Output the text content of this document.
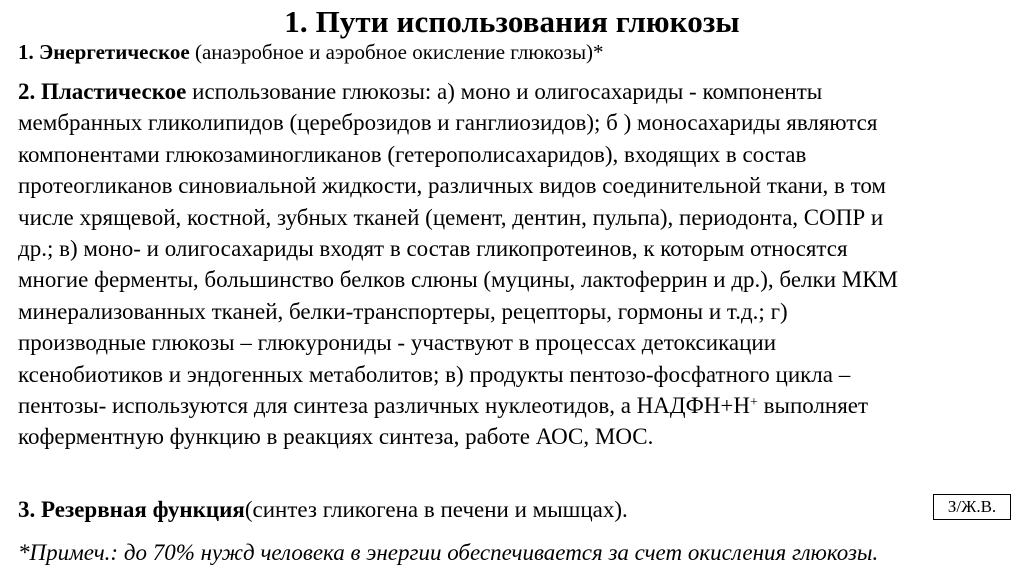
1. Пути использования глюкозы
1. Энергетическое (анаэробное и аэробное окисление глюкозы)*
2. Пластическое использование глюкозы: а) моно и олигосахариды - компоненты
мембранных гликолипидов (цереброзидов и ганглиозидов); б ) моносахариды являются
компонентами глюкозаминогликанов (гетерополисахаридов), входящих в состав
протеогликанов синовиальной жидкости, различных видов соединительной ткани, в том
числе хрящевой, костной, зубных тканей (цемент, дентин, пульпа), периодонта, СОПР и
др.; в) моно- и олигосахариды входят в состав гликопротеинов, к которым относятся
многие ферменты, большинство белков слюны (муцины, лактоферрин и др.), белки МКМ
минерализованных тканей, белки-транспортеры, рецепторы, гормоны и т.д.; г)
производные глюкозы – глюкурониды - участвуют в процессах детоксикации
ксенобиотиков и эндогенных метаболитов; в) продукты пентозо-фосфатного цикла –
пентозы- используются для синтеза различных нуклеотидов, а НАДФН+Н+ выполняет
коферментную функцию в реакциях синтеза, работе АОС, МОС.
3. Резервная функция(синтез гликогена в печени и мышцах).	З/Ж.В.
*Примеч.: до 70% нужд человека в энергии обеспечивается за счет окисления глюкозы.
